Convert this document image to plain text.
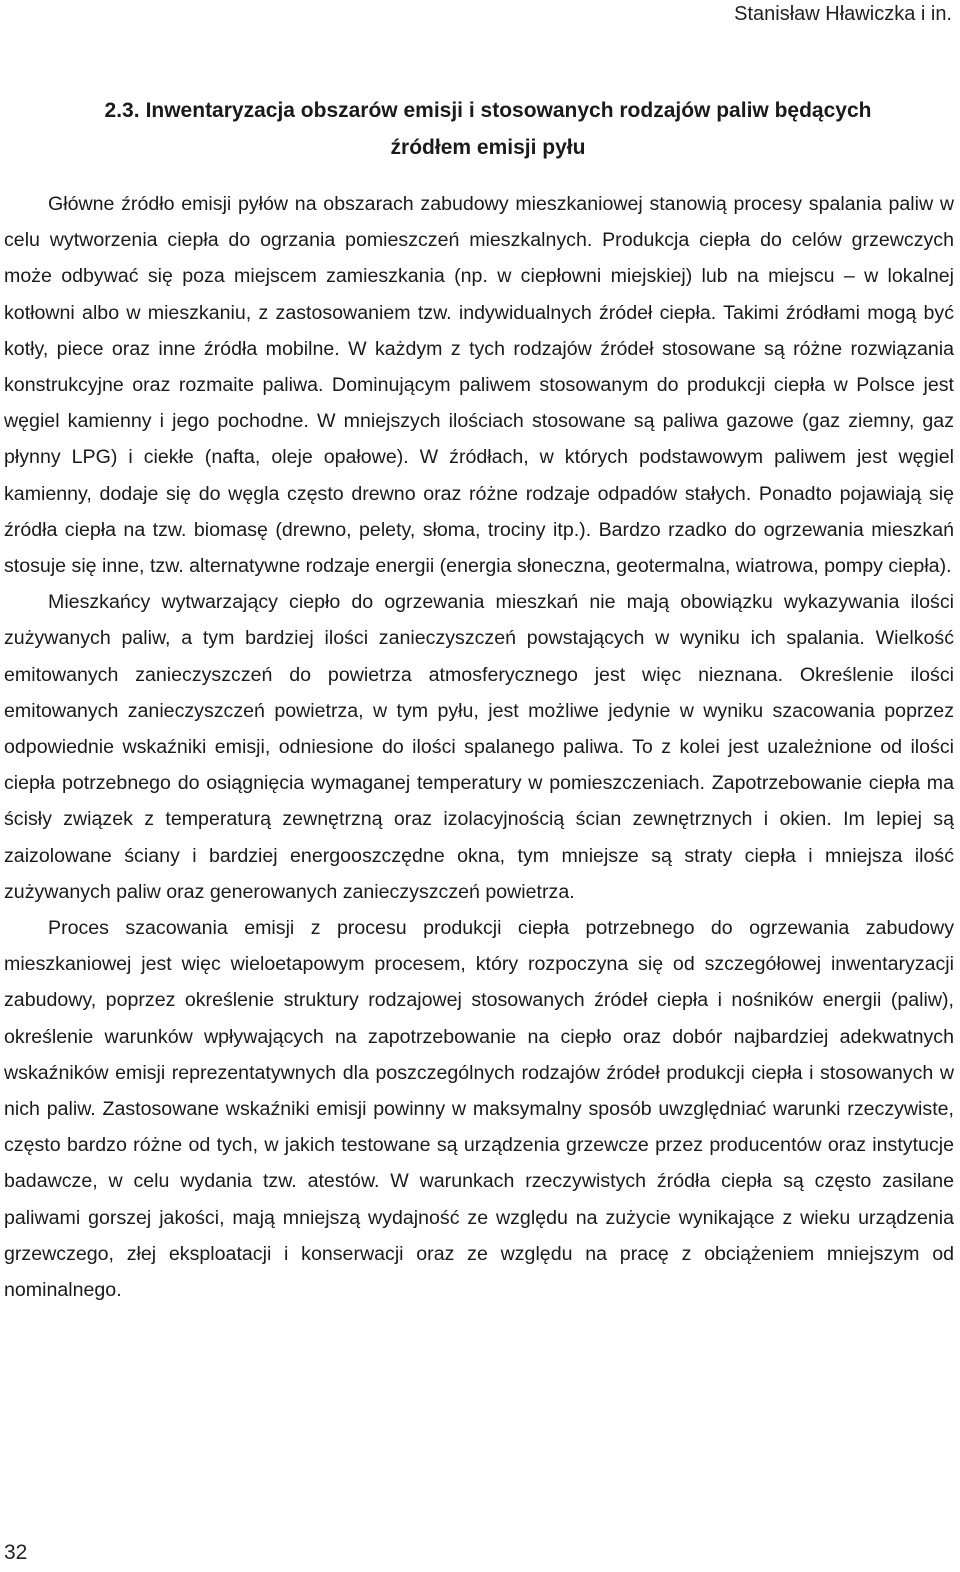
Stanisław Hławiczka i in.
2.3. Inwentaryzacja obszarów emisji i stosowanych rodzajów paliw będących
źródłem emisji pyłu

Główne źródło emisji pyłów na obszarach zabudowy mieszkaniowej stanowią procesy spalania paliw w celu wytworzenia ciepła do ogrzania pomieszczeń mieszkalnych. Produkcja ciepła do celów grzewczych może odbywać się poza miejscem zamieszkania (np. w ciepłowni miejskiej) lub na miejscu – w lokalnej kotłowni albo w mieszkaniu, z zastosowaniem tzw. indywidualnych źródeł ciepła. Takimi źródłami mogą być kotły, piece oraz inne źródła mobilne. W każdym z tych rodzajów źródeł stosowane są różne rozwiązania konstrukcyjne oraz rozmaite paliwa. Dominującym paliwem stosowanym do produkcji ciepła w Polsce jest węgiel kamienny i jego pochodne. W mniejszych ilościach stosowane są paliwa gazowe (gaz ziemny, gaz płynny LPG) i ciekłe (nafta, oleje opałowe). W źródłach, w których podstawowym paliwem jest węgiel kamienny, dodaje się do węgla często drewno oraz różne rodzaje odpadów stałych. Ponadto pojawiają się źródła ciepła na tzw. biomasę (drewno, pelety, słoma, trociny itp.). Bardzo rzadko do ogrzewania mieszkań stosuje się inne, tzw. alternatywne rodzaje energii (energia słoneczna, geotermalna, wiatrowa, pompy ciepła).

Mieszkańcy wytwarzający ciepło do ogrzewania mieszkań nie mają obowiązku wykazywania ilości zużywanych paliw, a tym bardziej ilości zanieczyszczeń powstających w wyniku ich spalania. Wielkość emitowanych zanieczyszczeń do powietrza atmosferycznego jest więc nieznana. Określenie ilości emitowanych zanieczyszczeń powietrza, w tym pyłu, jest możliwe jedynie w wyniku szacowania poprzez odpowiednie wskaźniki emisji, odniesione do ilości spalanego paliwa. To z kolei jest uzależnione od ilości ciepła potrzebnego do osiągnięcia wymaganej temperatury w pomieszczeniach. Zapotrzebowanie ciepła ma ścisły związek z temperaturą zewnętrzną oraz izolacyjnością ścian zewnętrznych i okien. Im lepiej są zaizolowane ściany i bardziej energooszczędne okna, tym mniejsze są straty ciepła i mniejsza ilość zużywanych paliw oraz generowanych zanieczyszczeń powietrza.

Proces szacowania emisji z procesu produkcji ciepła potrzebnego do ogrzewania zabudowy mieszkaniowej jest więc wieloetapowym procesem, który rozpoczyna się od szczegółowej inwentaryzacji zabudowy, poprzez określenie struktury rodzajowej stosowanych źródeł ciepła i nośników energii (paliw), określenie warunków wpływających na zapotrzebowanie na ciepło oraz dobór najbardziej adekwatnych wskaźników emisji reprezentatywnych dla poszczególnych rodzajów źródeł produkcji ciepła i stosowanych w nich paliw. Zastosowane wskaźniki emisji powinny w maksymalny sposób uwzględniać warunki rzeczywiste, często bardzo różne od tych, w jakich testowane są urządzenia grzewcze przez producentów oraz instytucje badawcze, w celu wydania tzw. atestów. W warunkach rzeczywistych źródła ciepła są często zasilane paliwami gorszej jakości, mają mniejszą wydajność ze względu na zużycie wynikające z wieku urządzenia grzewczego, złej eksploatacji i konserwacji oraz ze względu na pracę z obciążeniem mniejszym od nominalnego.

32
